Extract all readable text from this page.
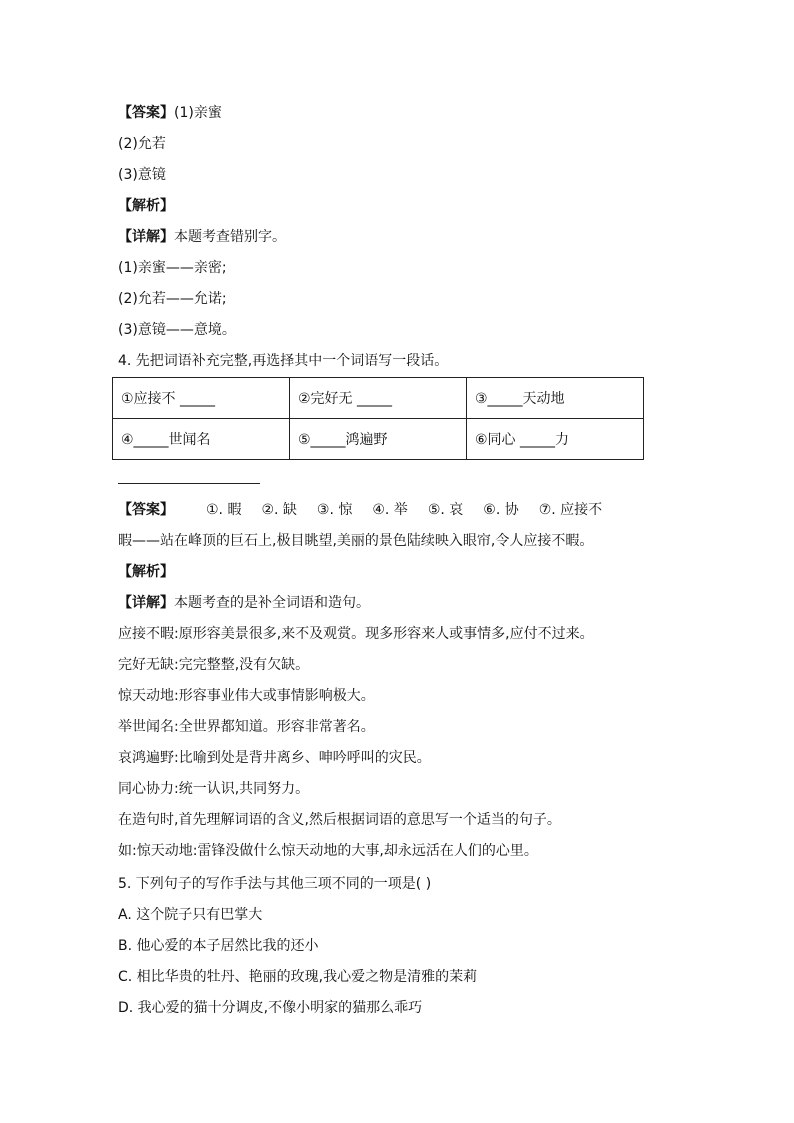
【答案】(1)亲蜜
(2)允若
(3)意镜
【解析】
【详解】本题考查错别字。
(1)亲蜜——亲密;
(2)允若——允诺;
(3)意镜——意境。
4. 先把词语补充完整,再选择其中一个词语写一段话。
①应接不 _____	②完好无 _____	③_____天动地
④_____世闻名	⑤_____鸿遍野	⑥同心 _____力
【答案】 ①. 暇 ②. 缺 ③. 惊 ④. 举 ⑤. 哀 ⑥. 协 ⑦. 应接不
暇——站在峰顶的巨石上,极目眺望,美丽的景色陆续映入眼帘,令人应接不暇。
【解析】
【详解】本题考查的是补全词语和造句。
应接不暇:原形容美景很多,来不及观赏。现多形容来人或事情多,应付不过来。
完好无缺:完完整整,没有欠缺。
惊天动地:形容事业伟大或事情影响极大。
举世闻名:全世界都知道。形容非常著名。
哀鸿遍野:比喻到处是背井离乡、呻吟呼叫的灾民。
同心协力:统一认识,共同努力。
在造句时,首先理解词语的含义,然后根据词语的意思写一个适当的句子。
如:惊天动地:雷锋没做什么惊天动地的大事,却永远活在人们的心里。
5. 下列句子的写作手法与其他三项不同的一项是( )
A. 这个院子只有巴掌大
B. 他心爱的本子居然比我的还小
C. 相比华贵的牡丹、艳丽的玫瑰,我心爱之物是清雅的茉莉
D. 我心爱的猫十分调皮,不像小明家的猫那么乖巧
